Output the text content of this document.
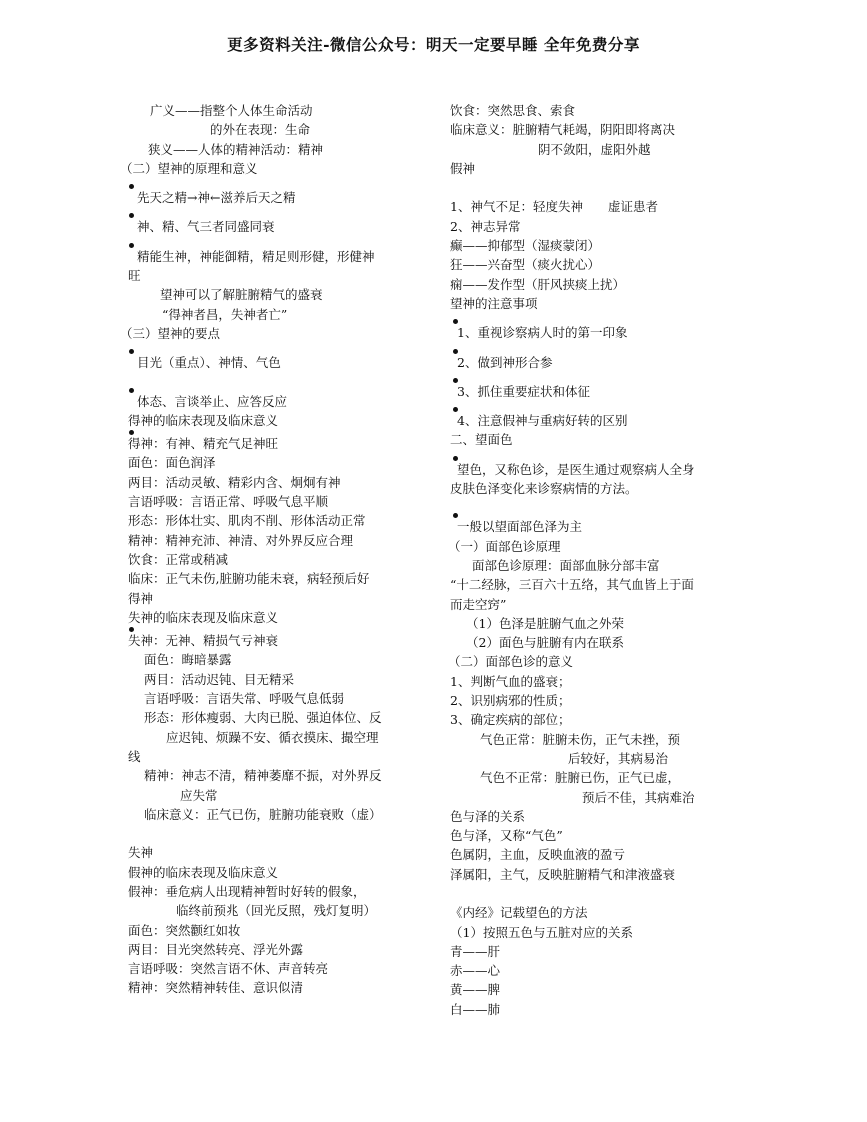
更多资料关注-微信公众号：明天一定要早睡 全年免费分享
广义——指整个人体生命活动
的外在表现：生命
狭义——人体的精神活动：精神
（二）望神的原理和意义
先天之精→神←滋养后天之精
神、精、气三者同盛同衰
精能生神，神能御精，精足则形健，形健神
旺
望神可以了解脏腑精气的盛衰
“得神者昌，失神者亡”
（三）望神的要点
目光（重点）、神情、气色
体态、言谈举止、应答反应
得神的临床表现及临床意义
得神：有神、精充气足神旺
面色：面色润泽
两目：活动灵敏、精彩内含、炯炯有神
言语呼吸：言语正常、呼吸气息平顺
形态：形体壮实、肌肉不削、形体活动正常
精神：精神充沛、神清、对外界反应合理
饮食：正常或稍减
临床：正气未伤,脏腑功能未衰，病轻预后好
得神
失神的临床表现及临床意义
失神：无神、精损气亏神衰
面色：晦暗暴露
两目：活动迟钝、目无精采
言语呼吸：言语失常、呼吸气息低弱
形态：形体瘦弱、大肉已脱、强迫体位、反
应迟钝、烦躁不安、循衣摸床、撮空理
线
精神：神志不清，精神萎靡不振，对外界反
应失常
临床意义：正气已伤，脏腑功能衰败（虚）
失神
假神的临床表现及临床意义
假神：垂危病人出现精神暂时好转的假象，
临终前预兆（回光反照，残灯复明）
面色：突然颧红如妆
两目：目光突然转亮、浮光外露
言语呼吸：突然言语不休、声音转亮
精神：突然精神转佳、意识似清
饮食：突然思食、索食
临床意义：脏腑精气耗竭，阴阳即将离决
阴不敛阳，虚阳外越
假神
1、神气不足：轻度失神　　虚证患者
2、神志异常
癫——抑郁型（湿痰蒙闭）
狂——兴奋型（痰火扰心）
痫——发作型（肝风挟痰上扰）
望神的注意事项
1、重视诊察病人时的第一印象
2、做到神形合参
3、抓住重要症状和体征
4、注意假神与重病好转的区别
二、望面色
望色，又称色诊，是医生通过观察病人全身
皮肤色泽变化来诊察病情的方法。
一般以望面部色泽为主
（一）面部色诊原理
面部色诊原理：面部血脉分部丰富
“十二经脉，三百六十五络，其气血皆上于面
而走空窍”
（1）色泽是脏腑气血之外荣
（2）面色与脏腑有内在联系
（二）面部色诊的意义
1、判断气血的盛衰；
2、识别病邪的性质；
3、确定疾病的部位；
气色正常：脏腑未伤，正气未挫，预
后较好，其病易治
气色不正常：脏腑已伤，正气已虚，
预后不佳，其病难治
色与泽的关系
色与泽，又称“气色”
色属阴，主血，反映血液的盈亏
泽属阳，主气，反映脏腑精气和津液盛衰
《内经》记载望色的方法
（1）按照五色与五脏对应的关系
青——肝
赤——心
黄——脾
白——肺
